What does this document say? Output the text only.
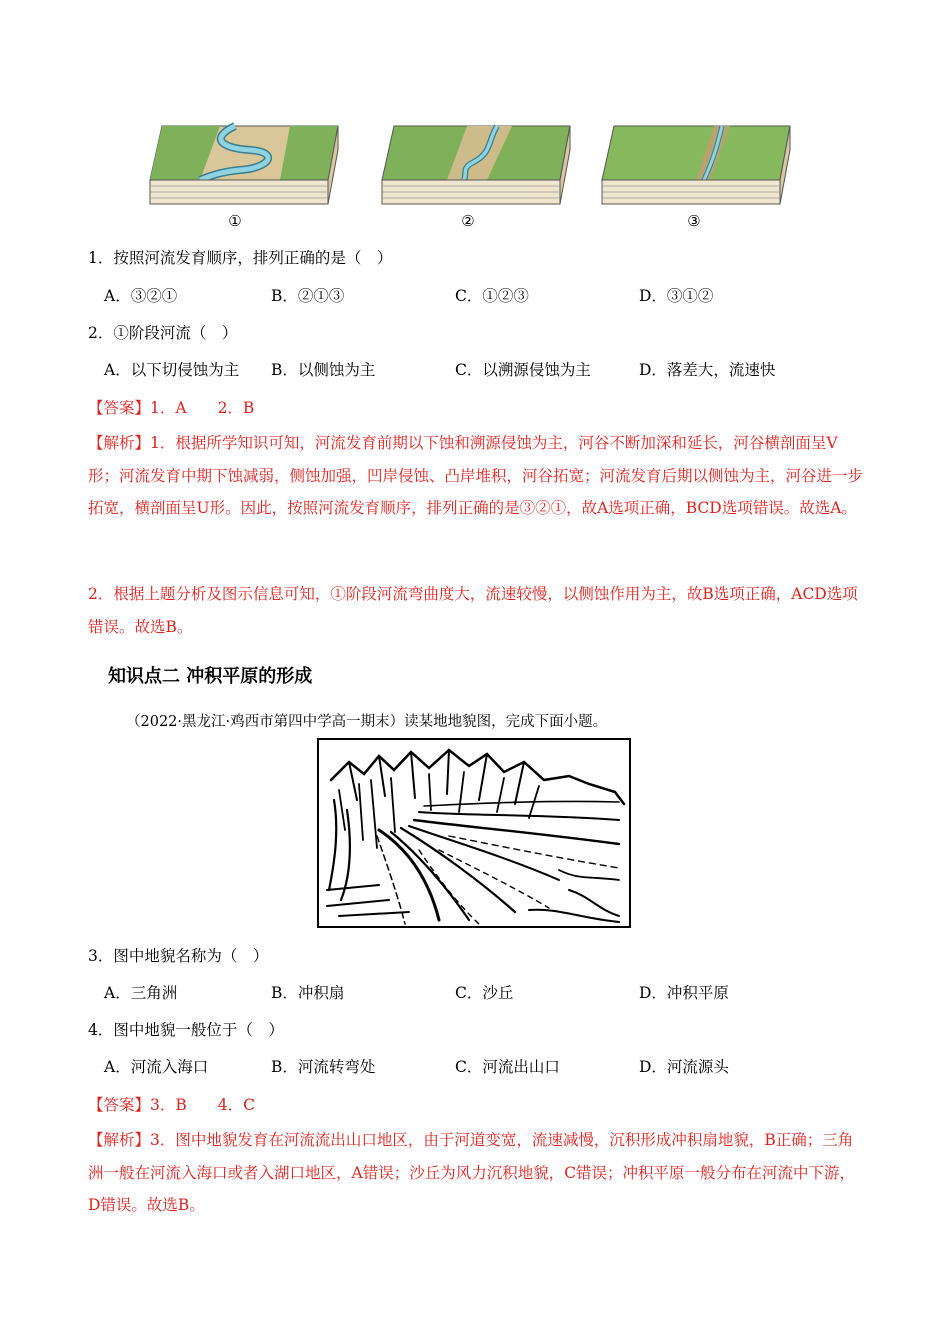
①	②	③
1．按照河流发育顺序，排列正确的是（　）
A．③②①	B．②①③	C．①②③	D．③①②
2．①阶段河流（　）
A．以下切侵蚀为主 B．以侧蚀为主	C．以溯源侵蚀为主	D．落差大，流速快
【答案】1．A　　2．B
【解析】1．根据所学知识可知，河流发育前期以下蚀和溯源侵蚀为主，河谷不断加深和延长，河谷横剖面呈V形；河流发育中期下蚀减弱，侧蚀加强，凹岸侵蚀、凸岸堆积，河谷拓宽；河流发育后期以侧蚀为主，河谷进一步拓宽，横剖面呈U形。因此，按照河流发育顺序，排列正确的是③②①，故A选项正确，BCD选项错误。故选A。
2．根据上题分析及图示信息可知，①阶段河流弯曲度大，流速较慢，以侧蚀作用为主，故B选项正确，ACD选项错误。故选B。
知识点二 冲积平原的形成
（2022·黑龙江·鸡西市第四中学高一期末）读某地地貌图，完成下面小题。
3．图中地貌名称为（　）
A．三角洲	B．冲积扇	C．沙丘	D．冲积平原
4．图中地貌一般位于（　）
A．河流入海口	B．河流转弯处	C．河流出山口	D．河流源头
【答案】3．B　　4．C
【解析】3．图中地貌发育在河流流出山口地区，由于河道变宽，流速减慢，沉积形成冲积扇地貌，B正确；三角洲一般在河流入海口或者入湖口地区，A错误；沙丘为风力沉积地貌，C错误；冲积平原一般分布在河流中下游，D错误。故选B。
